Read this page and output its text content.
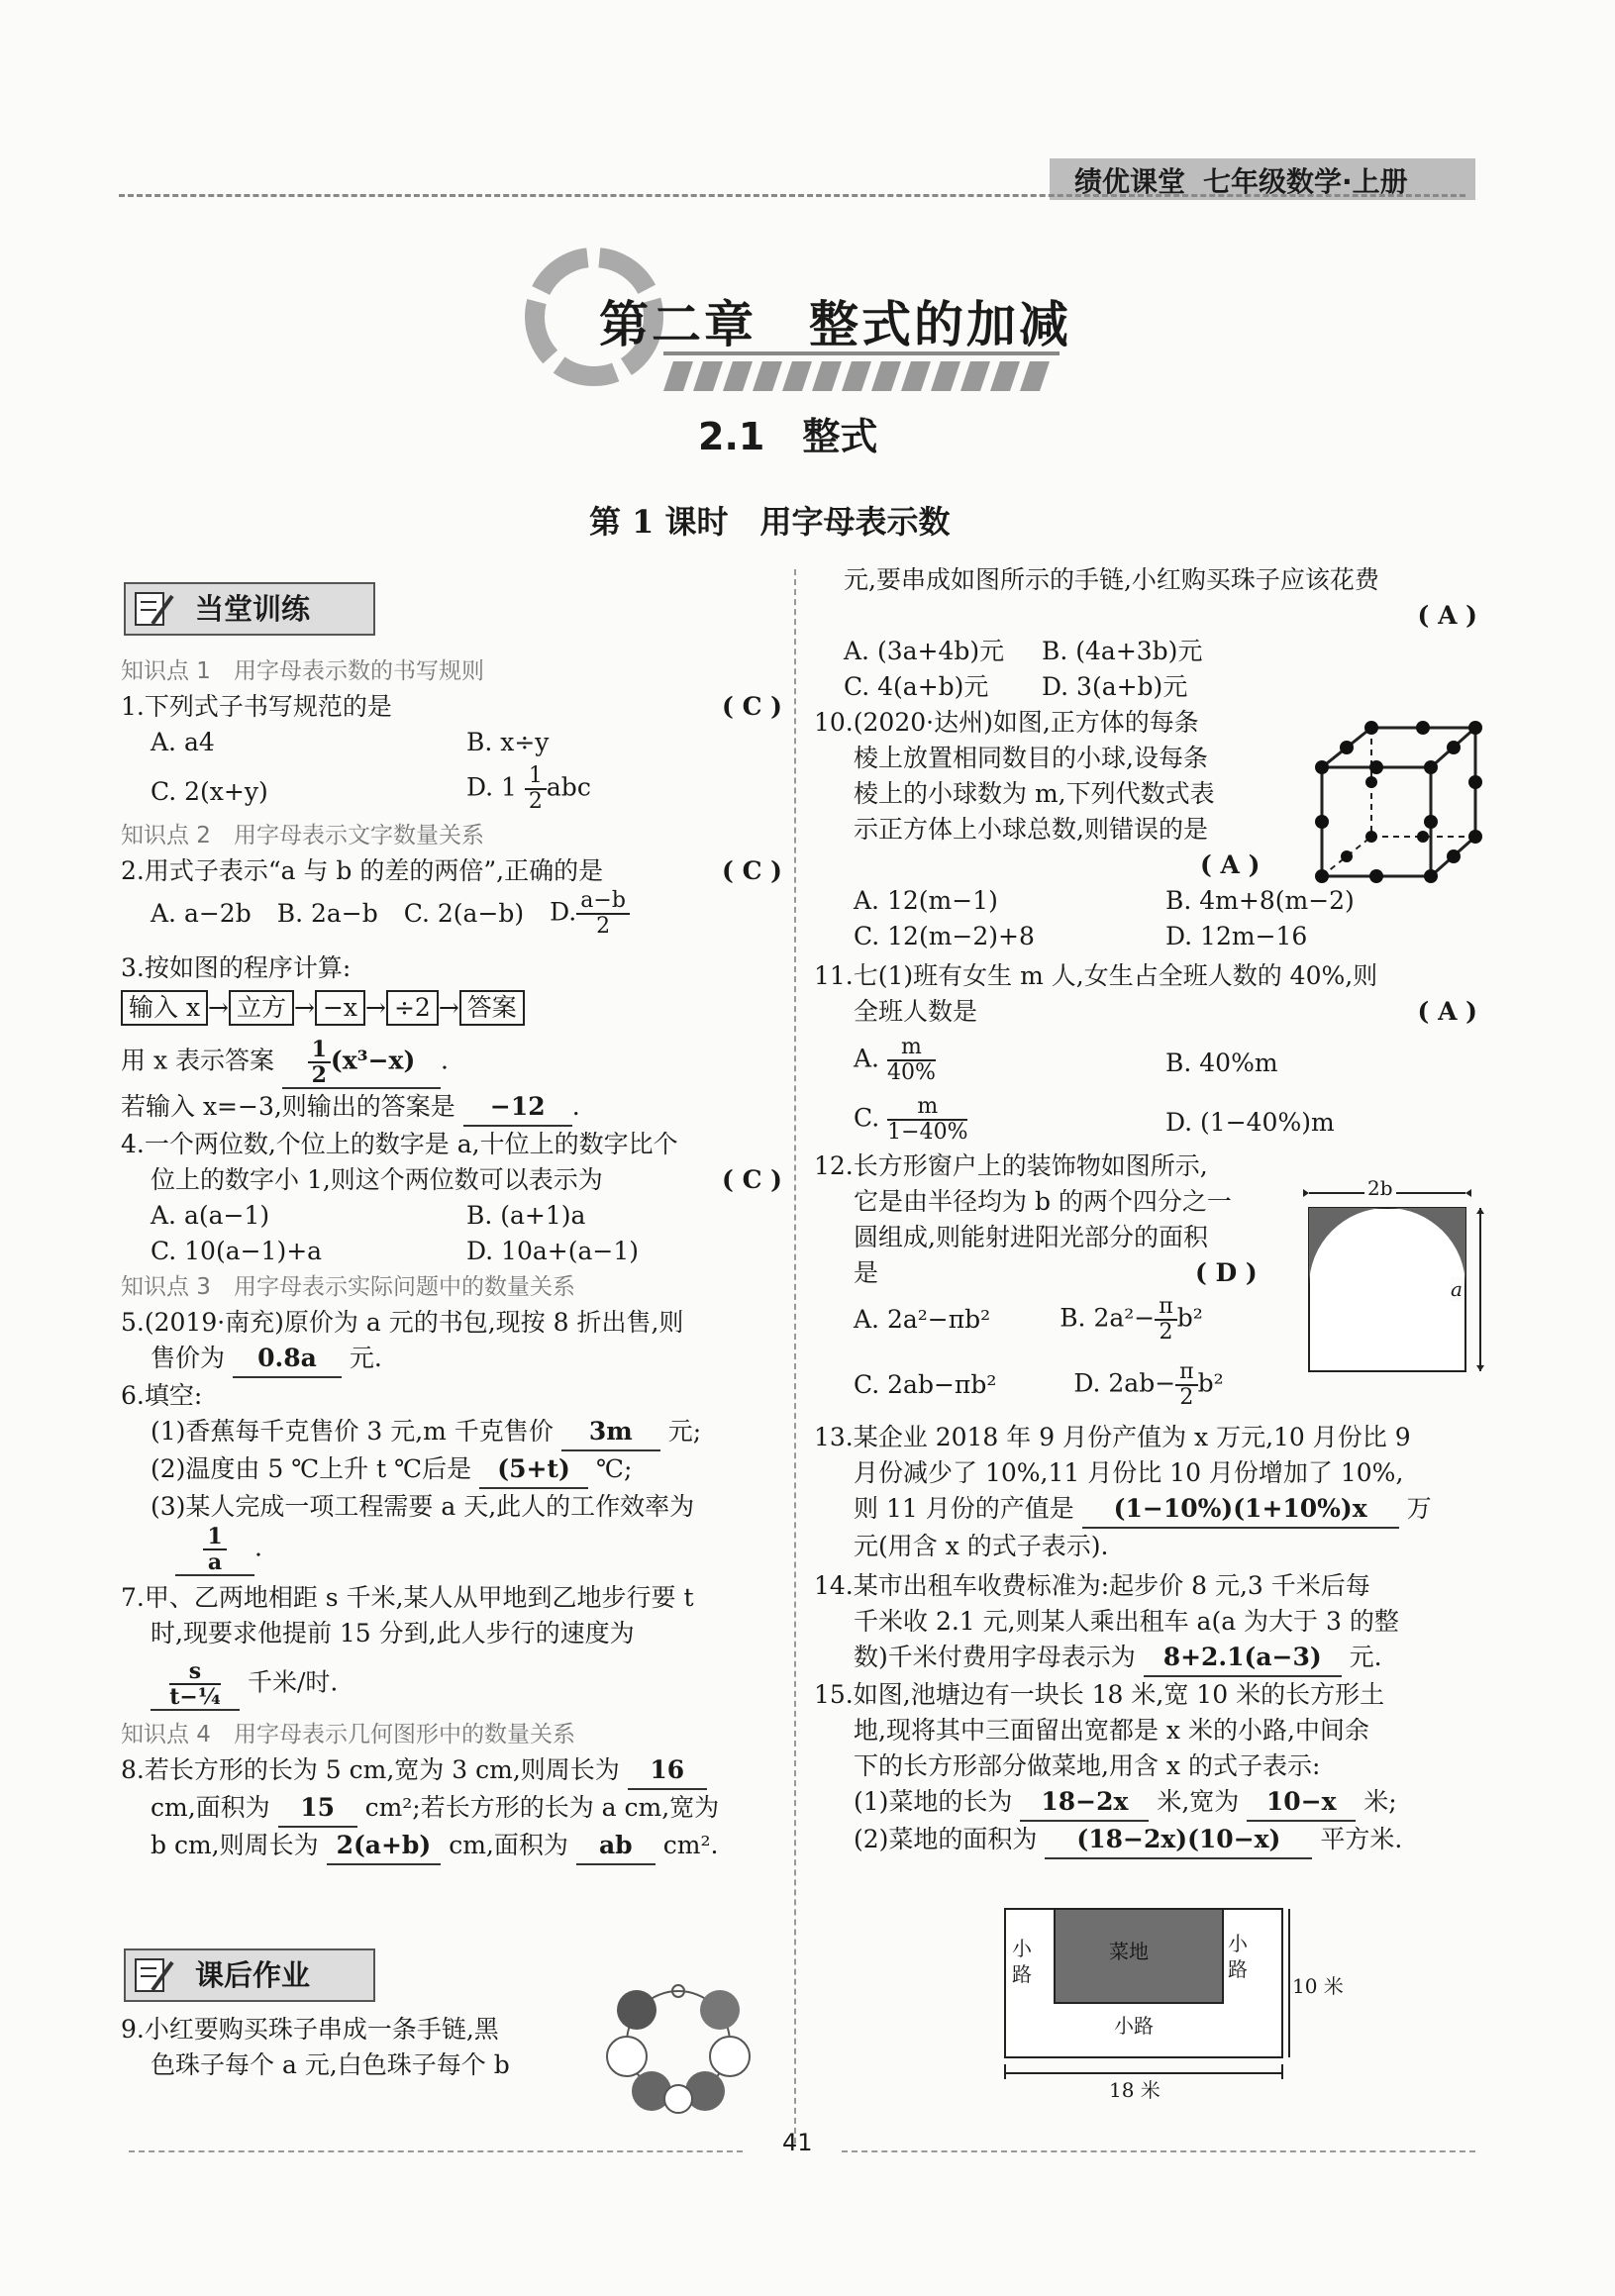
绩优课堂 七年级数学·上册
第二章　整式的加减
2.1　整式
第 1 课时　用字母表示数
当堂训练
知识点 1　用字母表示数的书写规则
1.下列式子书写规范的是	( C )
A. a4	B. x÷y
C. 2(x+y)	D. $1 \frac{1}{2}$ abc
知识点 2　用字母表示文字数量关系
2.用式子表示“a 与 b 的差的两倍”,正确的是	( C )
A. a−2b B. 2a−b C. 2(a−b) D. $\frac{a-b}{2}$
3.按如图的程序计算:
输入 x → 立方 → −x → ÷2 → 答案
用 x 表示答案 $\frac{1}{2} (x^3-x)$ .
若输入 x=−3,则输出的答案是 −12 .
4.一个两位数,个位上的数字是 a,十位上的数字比个
位上的数字小 1,则这个两位数可以表示为	( C )
A. a(a−1)	B. (a+1)a
C. 10(a−1)+a	D. 10a+(a−1)
知识点 3　用字母表示实际问题中的数量关系
5.(2019·南充)原价为 a 元的书包,现按 8 折出售,则
售价为 0.8a 元.
6.填空:
(1)香蕉每千克售价 3 元,m 千克售价 3m 元;
(2)温度由 5 ℃上升 t ℃后是 (5+t) ℃;
(3)某人完成一项工程需要 a 天,此人的工作效率为
$\frac{1}{a}$ .
7.甲、乙两地相距 s 千米,某人从甲地到乙地步行要 t
时,现要求他提前 15 分到,此人步行的速度为
$\frac{s}{\text{t−¼}}$ 千米/时.
知识点 4　用字母表示几何图形中的数量关系
8.若长方形的长为 5 cm,宽为 3 cm,则周长为 16
cm,面积为 15 cm²;若长方形的长为 a cm,宽为
b cm,则周长为 2(a+b) cm,面积为 ab cm².
课后作业
9.小红要购买珠子串成一条手链,黑
色珠子每个 a 元,白色珠子每个 b
元,要串成如图所示的手链,小红购买珠子应该花费
( A )
A. (3a+4b)元	B. (4a+3b)元
C. 4(a+b)元	D. 3(a+b)元
10.(2020·达州)如图,正方体的每条
棱上放置相同数目的小球,设每条
棱上的小球数为 m,下列代数式表
示正方体上小球总数,则错误的是
( A )
A. 12(m−1)	B. 4m+8(m−2)
C. 12(m−2)+8	D. 12m−16
11.七(1)班有女生 m 人,女生占全班人数的 40%,则
全班人数是	( A )
A. $\frac{m}{40\%}$	B. 40%m
C. $\frac{m}{1-40\%}$	D. (1−40%)m
12.长方形窗户上的装饰物如图所示,
它是由半径均为 b 的两个四分之一
圆组成,则能射进阳光部分的面积
是	( D )
A. 2a²−πb²	B. $2a^2- \frac{\pi}{2} b^2$
C. 2ab−πb²	D. $2ab- \frac{\pi}{2} b^2$
13.某企业 2018 年 9 月份产值为 x 万元,10 月份比 9
月份减少了 10%,11 月份比 10 月份增加了 10%,
则 11 月份的产值是 (1−10%)(1+10%)x 万
元(用含 x 的式子表示).
14.某市出租车收费标准为:起步价 8 元,3 千米后每
千米收 2.1 元,则某人乘出租车 a(a 为大于 3 的整
数)千米付费用字母表示为 8+2.1(a−3) 元.
15.如图,池塘边有一块长 18 米,宽 10 米的长方形土
地,现将其中三面留出宽都是 x 米的小路,中间余
下的长方形部分做菜地,用含 x 的式子表示:
(1)菜地的长为 18−2x 米,宽为 10−x 米;
(2)菜地的面积为 (18−2x)(10−x) 平方米.
2b
a
菜地
小路
小路
小路
10 米
18 米
41
